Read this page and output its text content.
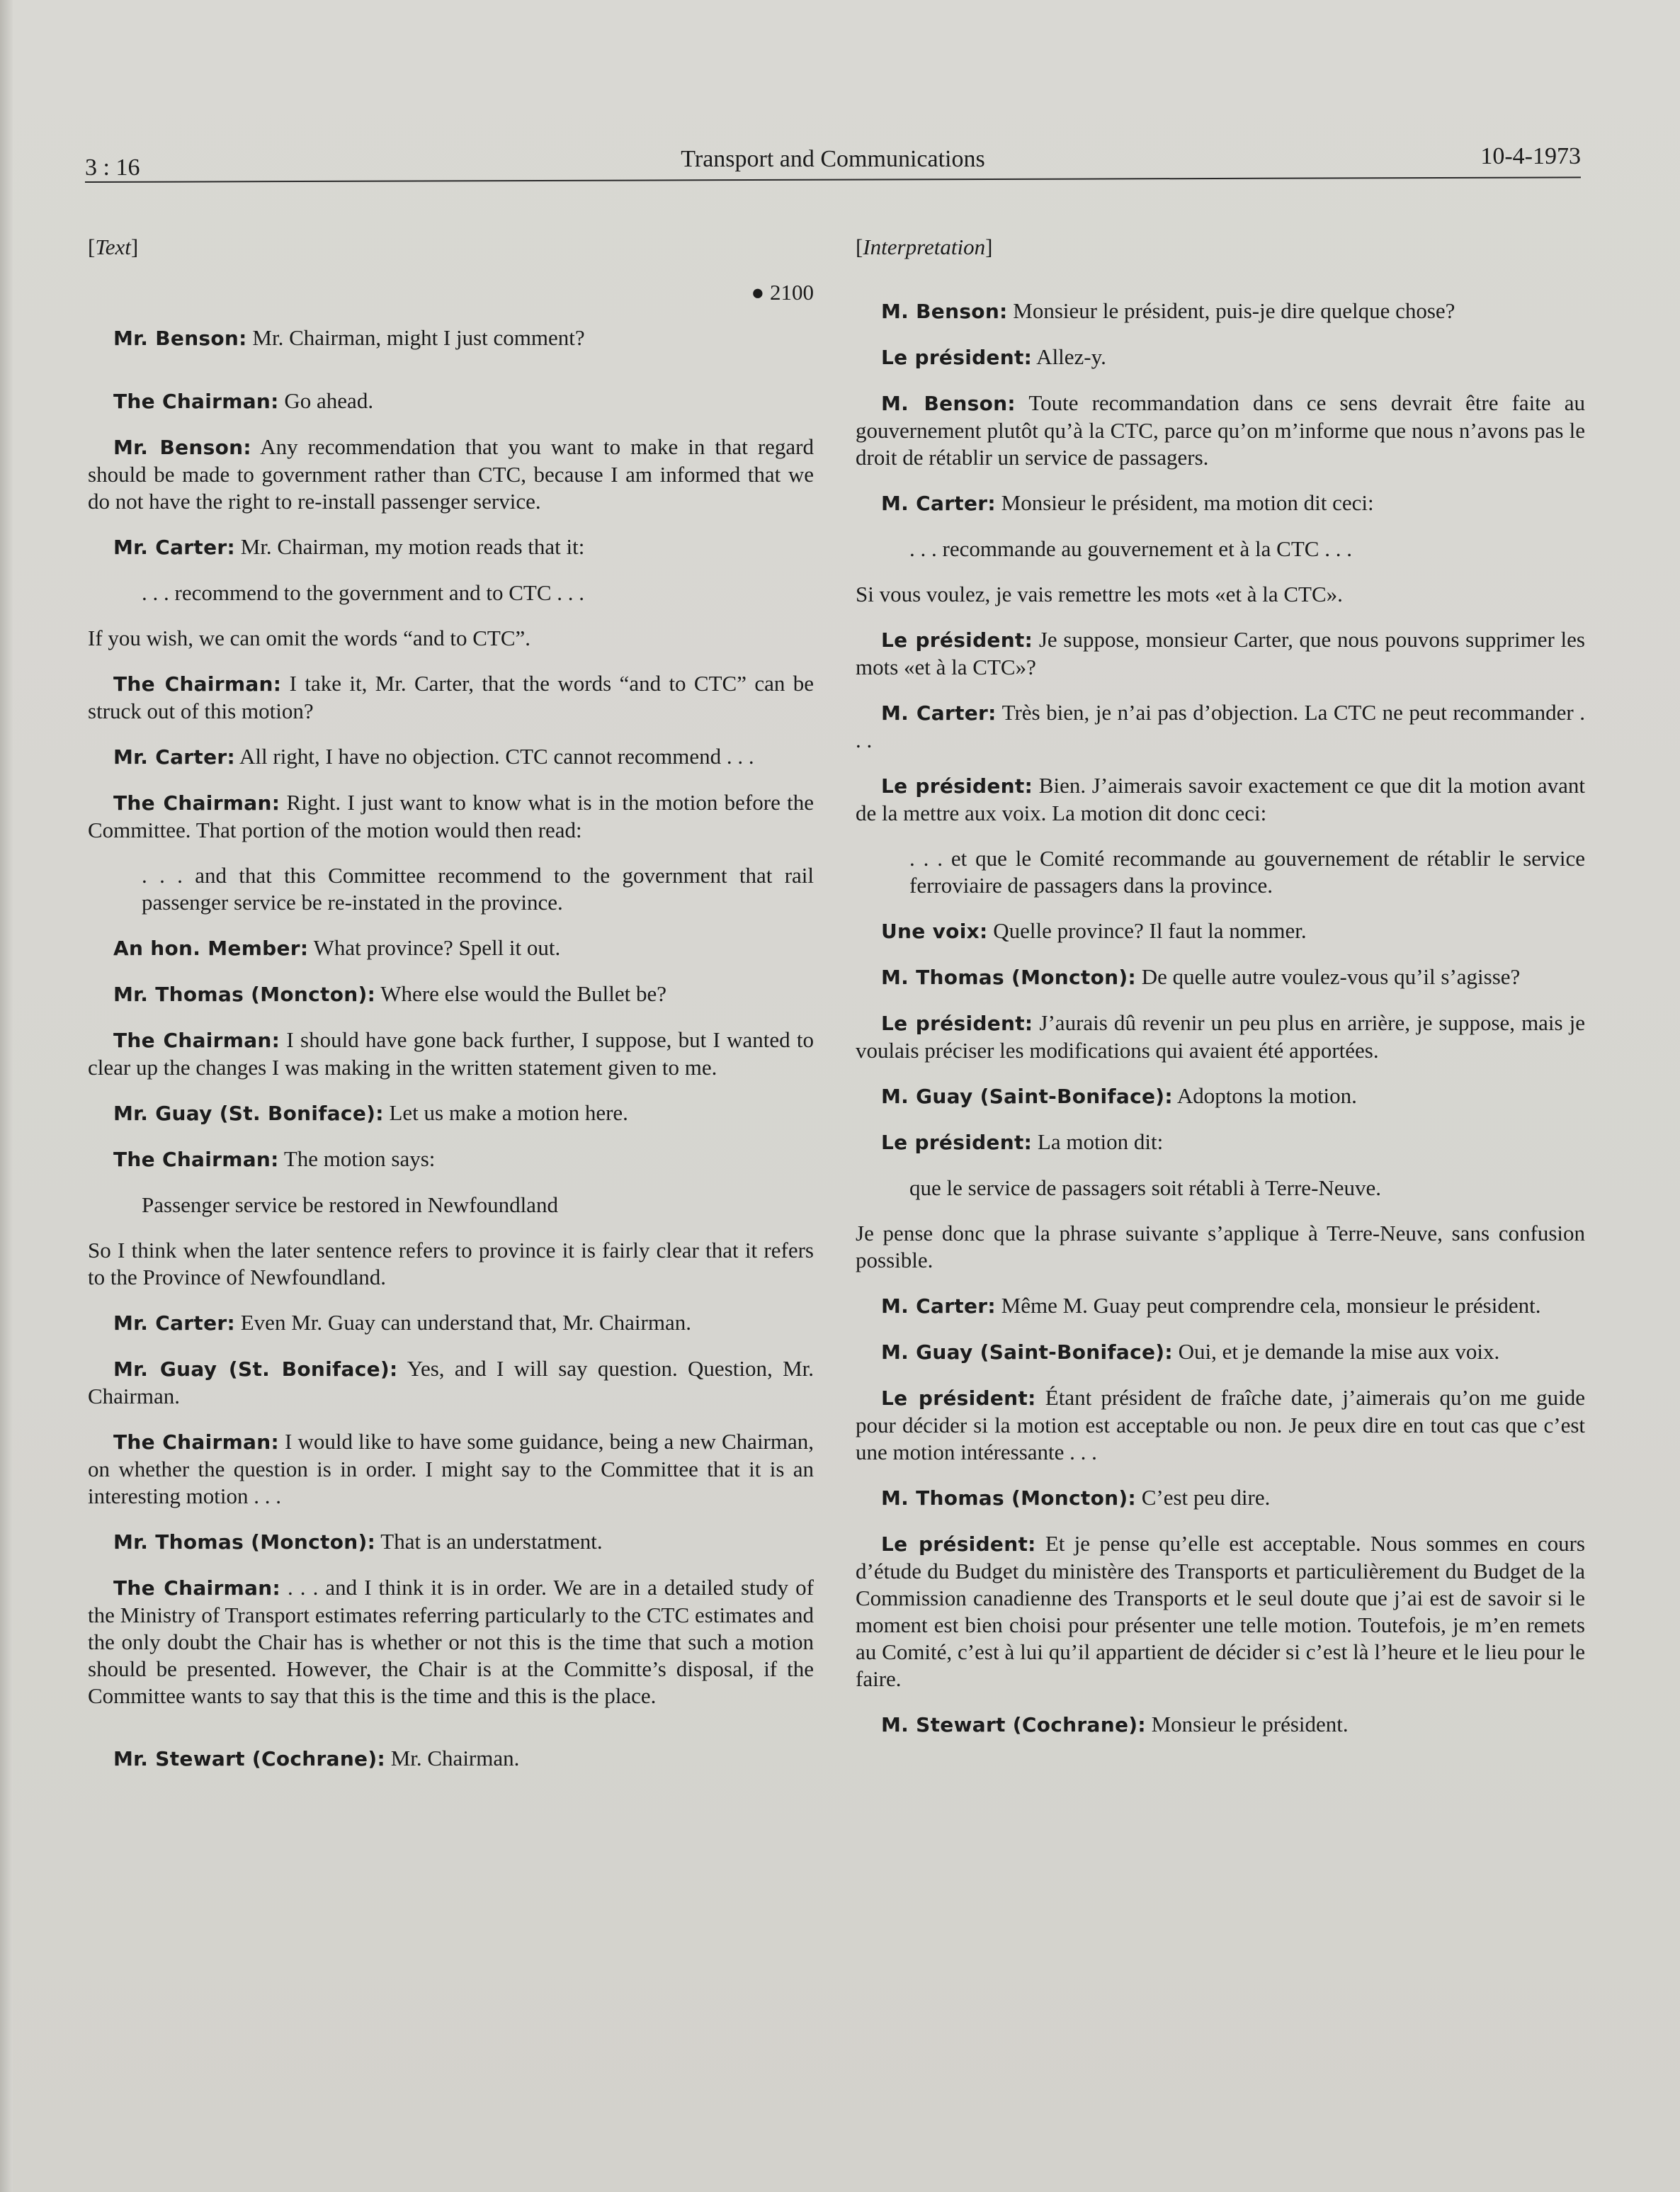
3 : 16	Transport and Communications	10-4-1973

[Text]

● 2100

Mr. Benson: Mr. Chairman, might I just comment?

The Chairman: Go ahead.

Mr. Benson: Any recommendation that you want to make in that regard should be made to government rather than CTC, because I am informed that we do not have the right to re-install passenger service.

Mr. Carter: Mr. Chairman, my motion reads that it:

. . . recommend to the government and to CTC . . .

If you wish, we can omit the words “and to CTC”.

The Chairman: I take it, Mr. Carter, that the words “and to CTC” can be struck out of this motion?

Mr. Carter: All right, I have no objection. CTC cannot recommend . . .

The Chairman: Right. I just want to know what is in the motion before the Committee. That portion of the motion would then read:

. . . and that this Committee recommend to the government that rail passenger service be re-instated in the province.

An hon. Member: What province? Spell it out.

Mr. Thomas (Moncton): Where else would the Bullet be?

The Chairman: I should have gone back further, I suppose, but I wanted to clear up the changes I was making in the written statement given to me.

Mr. Guay (St. Boniface): Let us make a motion here.

The Chairman: The motion says:

Passenger service be restored in Newfoundland

So I think when the later sentence refers to province it is fairly clear that it refers to the Province of Newfoundland.

Mr. Carter: Even Mr. Guay can understand that, Mr. Chairman.

Mr. Guay (St. Boniface): Yes, and I will say question. Question, Mr. Chairman.

The Chairman: I would like to have some guidance, being a new Chairman, on whether the question is in order. I might say to the Committee that it is an interesting motion . . .

Mr. Thomas (Moncton): That is an understatment.

The Chairman: . . . and I think it is in order. We are in a detailed study of the Ministry of Transport estimates referring particularly to the CTC estimates and the only doubt the Chair has is whether or not this is the time that such a motion should be presented. However, the Chair is at the Committe’s disposal, if the Committee wants to say that this is the time and this is the place.

Mr. Stewart (Cochrane): Mr. Chairman.

[Interpretation]

M. Benson: Monsieur le président, puis-je dire quelque chose?

Le président: Allez-y.

M. Benson: Toute recommandation dans ce sens devrait être faite au gouvernement plutôt qu’à la CTC, parce qu’on m’informe que nous n’avons pas le droit de rétablir un service de passagers.

M. Carter: Monsieur le président, ma motion dit ceci:

. . . recommande au gouvernement et à la CTC . . .

Si vous voulez, je vais remettre les mots «et à la CTC».

Le président: Je suppose, monsieur Carter, que nous pouvons supprimer les mots «et à la CTC»?

M. Carter: Très bien, je n’ai pas d’objection. La CTC ne peut recommander . . .

Le président: Bien. J’aimerais savoir exactement ce que dit la motion avant de la mettre aux voix. La motion dit donc ceci:

. . . et que le Comité recommande au gouvernement de rétablir le service ferroviaire de passagers dans la province.

Une voix: Quelle province? Il faut la nommer.

M. Thomas (Moncton): De quelle autre voulez-vous qu’il s’agisse?

Le président: J’aurais dû revenir un peu plus en arrière, je suppose, mais je voulais préciser les modifications qui avaient été apportées.

M. Guay (Saint-Boniface): Adoptons la motion.

Le président: La motion dit:

que le service de passagers soit rétabli à Terre-Neuve.

Je pense donc que la phrase suivante s’applique à Terre-Neuve, sans confusion possible.

M. Carter: Même M. Guay peut comprendre cela, monsieur le président.

M. Guay (Saint-Boniface): Oui, et je demande la mise aux voix.

Le président: Étant président de fraîche date, j’aimerais qu’on me guide pour décider si la motion est acceptable ou non. Je peux dire en tout cas que c’est une motion intéressante . . .

M. Thomas (Moncton): C’est peu dire.

Le président: Et je pense qu’elle est acceptable. Nous sommes en cours d’étude du Budget du ministère des Transports et particulièrement du Budget de la Commission canadienne des Transports et le seul doute que j’ai est de savoir si le moment est bien choisi pour présenter une telle motion. Toutefois, je m’en remets au Comité, c’est à lui qu’il appartient de décider si c’est là l’heure et le lieu pour le faire.

M. Stewart (Cochrane): Monsieur le président.
